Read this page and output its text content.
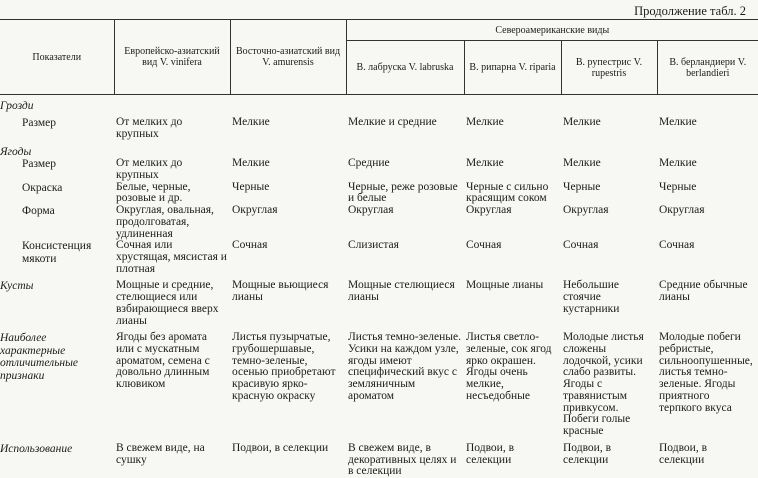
Продолжение табл. 2
Показатели	Европейско-азиатский вид V. vinifera	Восточно-азиатский вид V. amurensis	Североамериканские виды			
			В. лабруска V. labruska	В. рипарна V. riparia	В. рупестрис V. rupestris	В. берландиери V. berlandieri

Грозди						

Размер	От мелких до крупных	Мелкие	Мелкие и средние	Мелкие	Мелкие	Мелкие

Ягоды						
Размер	От мелких до крупных	Мелкие	Средние	Мелкие	Мелкие	Мелкие
Окраска	Белые, черные, розовые и др.	Черные	Черные, реже розовые и белые	Черные с сильно красящим соком	Черные	Черные
Форма	Округлая, овальная, продолговатая, удлиненная	Округлая	Округлая	Округлая	Округлая	Округлая
Консистенция мякоти	Сочная или хрустящая, мясистая и плотная	Сочная	Слизистая	Сочная	Сочная	Сочная

Кусты	Мощные и средние, стелющиеся или взбирающиеся вверх лианы	Мощные вьющиеся лианы	Мощные стелющиеся лианы	Мощные лианы	Небольшие стоячие кустарники	Средние обычные лианы

Наиболее характерные отличительные признаки	Ягоды без аромата или с мускатным ароматом, семена с довольно длинным клювиком	Листья пузырчатые, грубошершавые, темно-зеленые, осенью приобретают красивую ярко-красную окраску	Листья темно-зеленые. Усики на каждом узле, ягоды имеют специфический вкус с земляничным ароматом	Листья светло-зеленые, сок ягод ярко окрашен. Ягоды очень мелкие, несъедобные	Молодые листья сложены лодочкой, усики слабо развиты. Ягоды с травянистым привкусом. Побеги голые красные	Молодые побеги ребристые, сильноопушенные, листья темно-зеленые. Ягоды приятного терпкого вкуса

Использование	В свежем виде, на сушку	Подвои, в селекции	В свежем виде, в декоративных целях и в селекции	Подвои, в селекции	Подвои, в селекции	Подвои, в селекции
